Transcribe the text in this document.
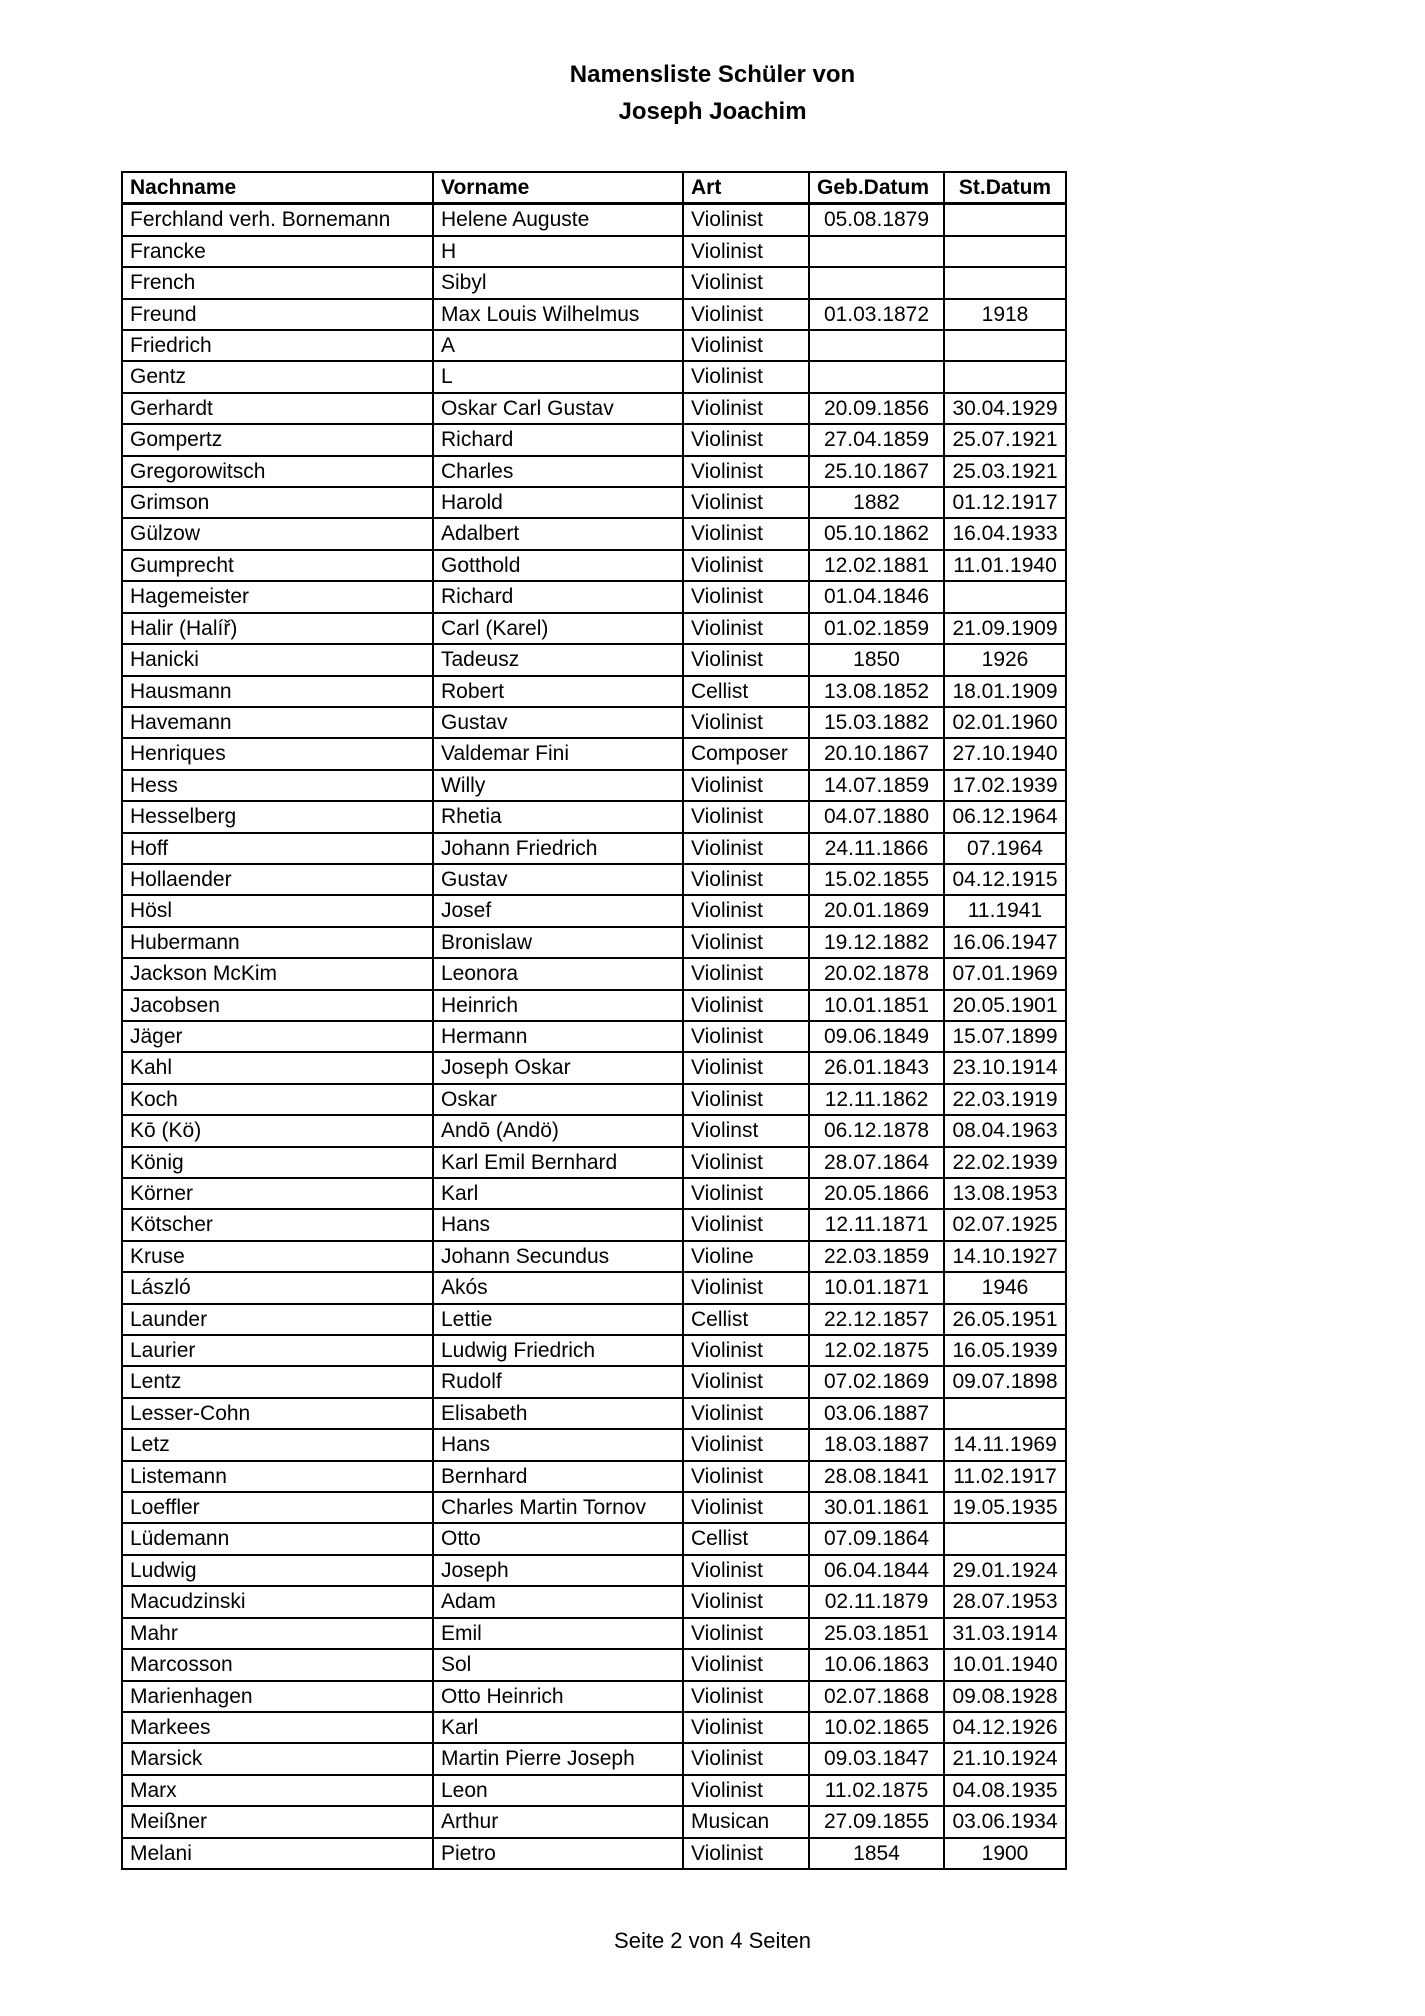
Namensliste Schüler von
Joseph Joachim
Nachname	Vorname	Art	Geb.Datum	St.Datum
Ferchland verh. Bornemann	Helene Auguste	Violinist	05.08.1879	
Francke	H	Violinist		
French	Sibyl	Violinist		
Freund	Max Louis Wilhelmus	Violinist	01.03.1872	1918
Friedrich	A	Violinist		
Gentz	L	Violinist		
Gerhardt	Oskar Carl Gustav	Violinist	20.09.1856	30.04.1929
Gompertz	Richard	Violinist	27.04.1859	25.07.1921
Gregorowitsch	Charles	Violinist	25.10.1867	25.03.1921
Grimson	Harold	Violinist	1882	01.12.1917
Gülzow	Adalbert	Violinist	05.10.1862	16.04.1933
Gumprecht	Gotthold	Violinist	12.02.1881	11.01.1940
Hagemeister	Richard	Violinist	01.04.1846	
Halir (Halíř)	Carl (Karel)	Violinist	01.02.1859	21.09.1909
Hanicki	Tadeusz	Violinist	1850	1926
Hausmann	Robert	Cellist	13.08.1852	18.01.1909
Havemann	Gustav	Violinist	15.03.1882	02.01.1960
Henriques	Valdemar Fini	Composer	20.10.1867	27.10.1940
Hess	Willy	Violinist	14.07.1859	17.02.1939
Hesselberg	Rhetia	Violinist	04.07.1880	06.12.1964
Hoff	Johann Friedrich	Violinist	24.11.1866	07.1964
Hollaender	Gustav	Violinist	15.02.1855	04.12.1915
Hösl	Josef	Violinist	20.01.1869	11.1941
Hubermann	Bronislaw	Violinist	19.12.1882	16.06.1947
Jackson McKim	Leonora	Violinist	20.02.1878	07.01.1969
Jacobsen	Heinrich	Violinist	10.01.1851	20.05.1901
Jäger	Hermann	Violinist	09.06.1849	15.07.1899
Kahl	Joseph Oskar	Violinist	26.01.1843	23.10.1914
Koch	Oskar	Violinist	12.11.1862	22.03.1919
Kō (Kö)	Andō (Andö)	Violinst	06.12.1878	08.04.1963
König	Karl Emil Bernhard	Violinist	28.07.1864	22.02.1939
Körner	Karl	Violinist	20.05.1866	13.08.1953
Kötscher	Hans	Violinist	12.11.1871	02.07.1925
Kruse	Johann Secundus	Violine	22.03.1859	14.10.1927
László	Akós	Violinist	10.01.1871	1946
Launder	Lettie	Cellist	22.12.1857	26.05.1951
Laurier	Ludwig Friedrich	Violinist	12.02.1875	16.05.1939
Lentz	Rudolf	Violinist	07.02.1869	09.07.1898
Lesser-Cohn	Elisabeth	Violinist	03.06.1887	
Letz	Hans	Violinist	18.03.1887	14.11.1969
Listemann	Bernhard	Violinist	28.08.1841	11.02.1917
Loeffler	Charles Martin Tornov	Violinist	30.01.1861	19.05.1935
Lüdemann	Otto	Cellist	07.09.1864	
Ludwig	Joseph	Violinist	06.04.1844	29.01.1924
Macudzinski	Adam	Violinist	02.11.1879	28.07.1953
Mahr	Emil	Violinist	25.03.1851	31.03.1914
Marcosson	Sol	Violinist	10.06.1863	10.01.1940
Marienhagen	Otto Heinrich	Violinist	02.07.1868	09.08.1928
Markees	Karl	Violinist	10.02.1865	04.12.1926
Marsick	Martin Pierre Joseph	Violinist	09.03.1847	21.10.1924
Marx	Leon	Violinist	11.02.1875	04.08.1935
Meißner	Arthur	Musican	27.09.1855	03.06.1934
Melani	Pietro	Violinist	1854	1900
Seite 2 von 4 Seiten
